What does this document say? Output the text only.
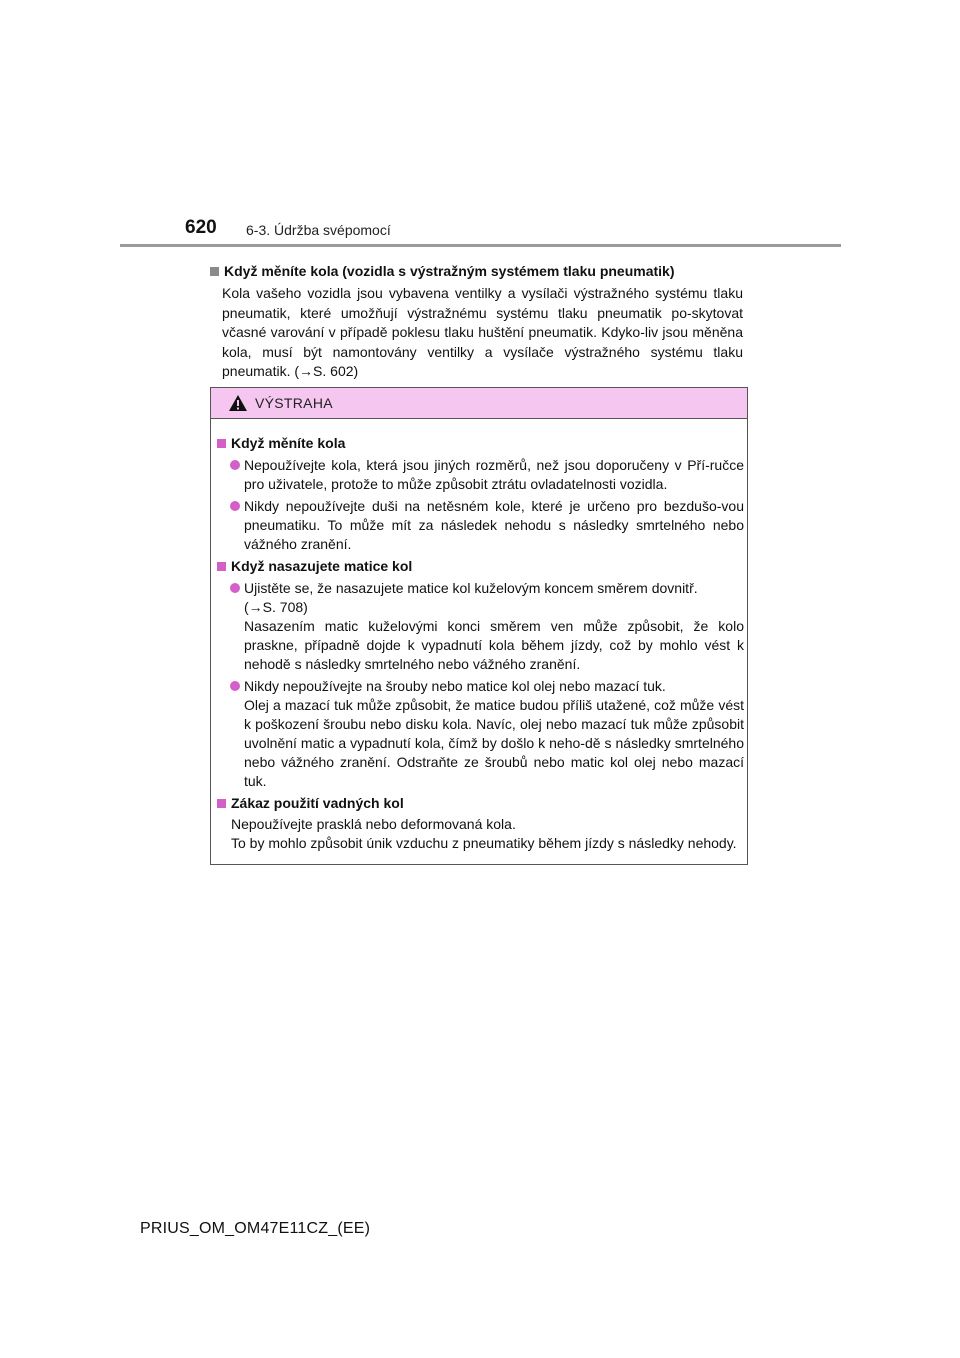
620 6-3. Údržba svépomocí
Když měníte kola (vozidla s výstražným systémem tlaku pneumatik)
Kola vašeho vozidla jsou vybavena ventilky a vysílači výstražného systému tlaku pneumatik, které umožňují výstražnému systému tlaku pneumatik po-skytovat včasné varování v případě poklesu tlaku huštění pneumatik. Kdyko-liv jsou měněna kola, musí být namontovány ventilky a vysílače výstražného systému tlaku pneumatik. (→S. 602)
VÝSTRAHA
Když měníte kola
Nepoužívejte kola, která jsou jiných rozměrů, než jsou doporučeny v Pří-ručce pro uživatele, protože to může způsobit ztrátu ovladatelnosti vozidla.
Nikdy nepoužívejte duši na netěsném kole, které je určeno pro bezdušo-vou pneumatiku. To může mít za následek nehodu s následky smrtelného nebo vážného zranění.
Když nasazujete matice kol
Ujistěte se, že nasazujete matice kol kuželovým koncem směrem dovnitř.
(→S. 708)
Nasazením matic kuželovými konci směrem ven může způsobit, že kolo praskne, případně dojde k vypadnutí kola během jízdy, což by mohlo vést k nehodě s následky smrtelného nebo vážného zranění.
Nikdy nepoužívejte na šrouby nebo matice kol olej nebo mazací tuk.
Olej a mazací tuk může způsobit, že matice budou příliš utažené, což může vést k poškození šroubu nebo disku kola. Navíc, olej nebo mazací tuk může způsobit uvolnění matic a vypadnutí kola, čímž by došlo k neho-dě s následky smrtelného nebo vážného zranění. Odstraňte ze šroubů nebo matic kol olej nebo mazací tuk.
Zákaz použití vadných kol
Nepoužívejte prasklá nebo deformovaná kola.
To by mohlo způsobit únik vzduchu z pneumatiky během jízdy s následky nehody.
PRIUS_OM_OM47E11CZ_(EE)
